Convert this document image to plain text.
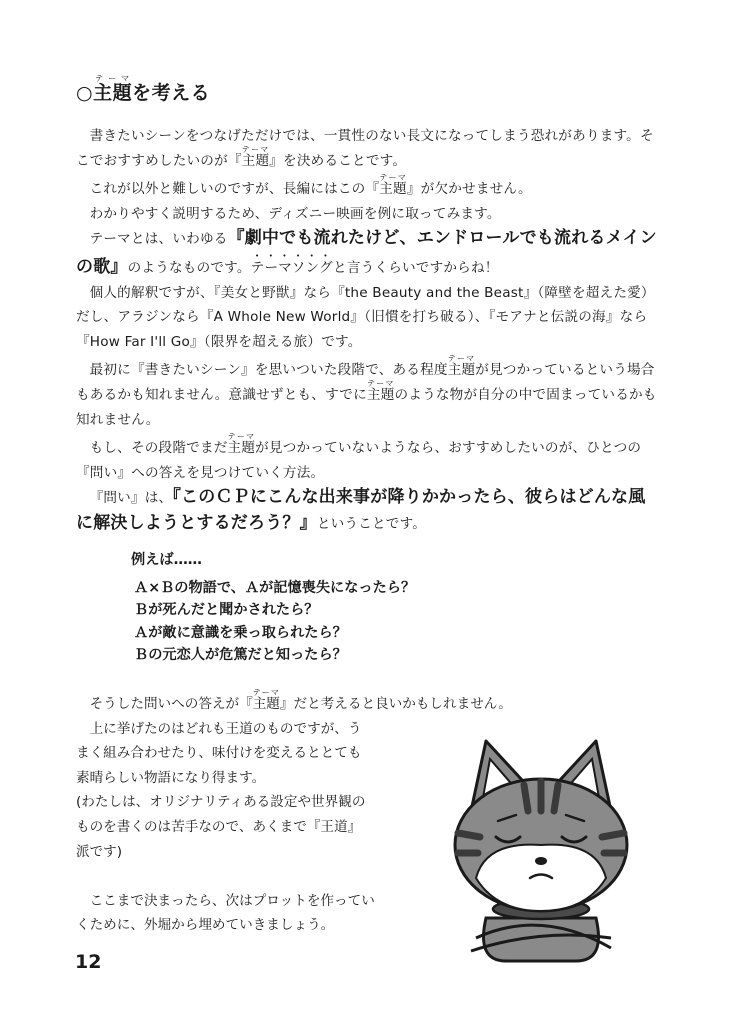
○主題テーマを考える

書きたいシーンをつなげただけでは、一貫性のない長文になってしまう恐れがあります。そこでおすすめしたいのが『主題テーマ』を決めることです。

これが以外と難しいのですが、長編にはこの『主題テーマ』が欠かせません。

わかりやすく説明するため、ディズニー映画を例に取ってみます。

テーマとは、いわゆる『劇中でも流れたけど、エンドロールでも流れるメインの歌』のようなものです。テーマソングと言うくらいですからね！

個人的解釈ですが、『美女と野獣』なら『the Beauty and the Beast』（障壁を超えた愛）だし、アラジンなら『A Whole New World』（旧慣を打ち破る）、『モアナと伝説の海』なら『How Far I'll Go』（限界を超える旅）です。

最初に『書きたいシーン』を思いついた段階で、ある程度主題テーマが見つかっているという場合もあるかも知れません。意識せずとも、すでに主題テーマのような物が自分の中で固まっているかも知れません。

もし、その段階でまだ主題テーマが見つかっていないようなら、おすすめしたいのが、ひとつの『問い』への答えを見つけていく方法。

『問い』は、『このＣＰにこんな出来事が降りかかったら、彼らはどんな風に解決しようとするだろう？』ということです。

例えば……
Ａ×Ｂの物語で、Ａが記憶喪失になったら？
Ｂが死んだと聞かされたら？
Ａが敵に意識を乗っ取られたら？
Ｂの元恋人が危篤だと知ったら？

そうした問いへの答えが『主題テーマ』だと考えると良いかもしれません。

上に挙げたのはどれも王道のものですが、う

まく組み合わせたり、味付けを変えるととても

素晴らしい物語になり得ます。

(わたしは、オリジナリティある設定や世界観の

ものを書くのは苦手なので、あくまで『王道』

派です)

ここまで決まったら、次はプロットを作ってい

くために、外堀から埋めていきましょう。

12
